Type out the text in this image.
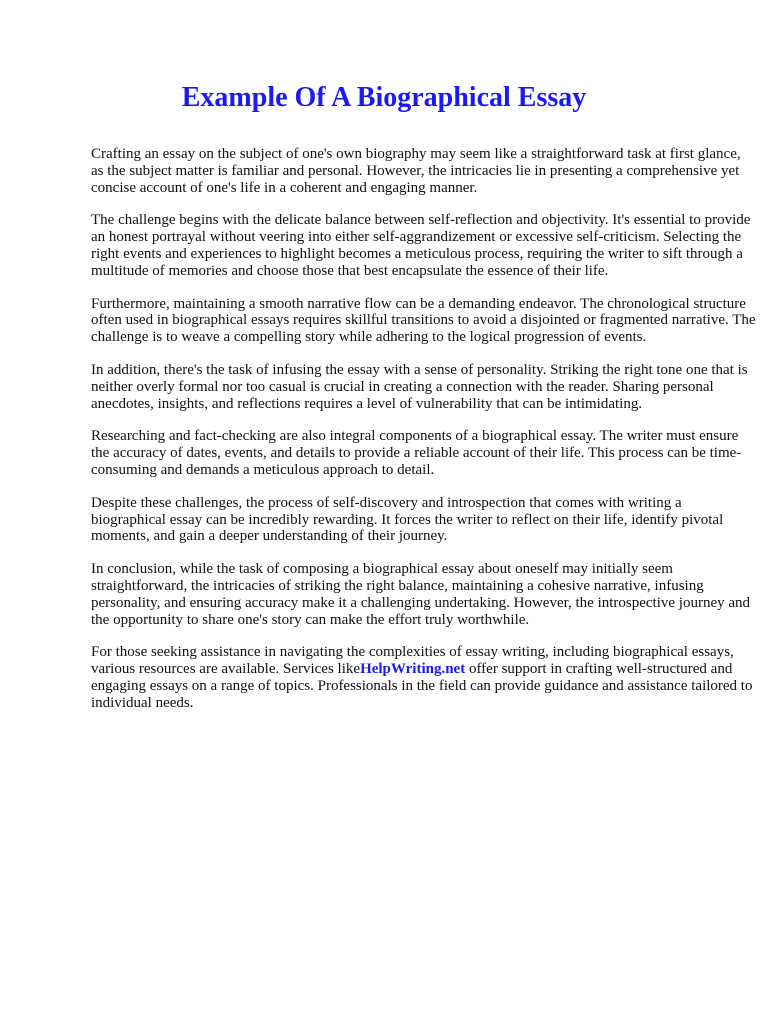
Example Of A Biographical Essay

Crafting an essay on the subject of one's own biography may seem like a straightforward task at first glance, as the subject matter is familiar and personal. However, the intricacies lie in presenting a comprehensive yet concise account of one's life in a coherent and engaging manner.

The challenge begins with the delicate balance between self-reflection and objectivity. It's essential to provide an honest portrayal without veering into either self-aggrandizement or excessive self-criticism. Selecting the right events and experiences to highlight becomes a meticulous process, requiring the writer to sift through a multitude of memories and choose those that best encapsulate the essence of their life.

Furthermore, maintaining a smooth narrative flow can be a demanding endeavor. The chronological structure often used in biographical essays requires skillful transitions to avoid a disjointed or fragmented narrative. The challenge is to weave a compelling story while adhering to the logical progression of events.

In addition, there's the task of infusing the essay with a sense of personality. Striking the right tone one that is neither overly formal nor too casual is crucial in creating a connection with the reader. Sharing personal anecdotes, insights, and reflections requires a level of vulnerability that can be intimidating.

Researching and fact-checking are also integral components of a biographical essay. The writer must ensure the accuracy of dates, events, and details to provide a reliable account of their life. This process can be time-consuming and demands a meticulous approach to detail.

Despite these challenges, the process of self-discovery and introspection that comes with writing a biographical essay can be incredibly rewarding. It forces the writer to reflect on their life, identify pivotal moments, and gain a deeper understanding of their journey.

In conclusion, while the task of composing a biographical essay about oneself may initially seem straightforward, the intricacies of striking the right balance, maintaining a cohesive narrative, infusing personality, and ensuring accuracy make it a challenging undertaking. However, the introspective journey and the opportunity to share one's story can make the effort truly worthwhile.

For those seeking assistance in navigating the complexities of essay writing, including biographical essays, various resources are available. Services likeHelpWriting.net offer support in crafting well-structured and engaging essays on a range of topics. Professionals in the field can provide guidance and assistance tailored to individual needs.
